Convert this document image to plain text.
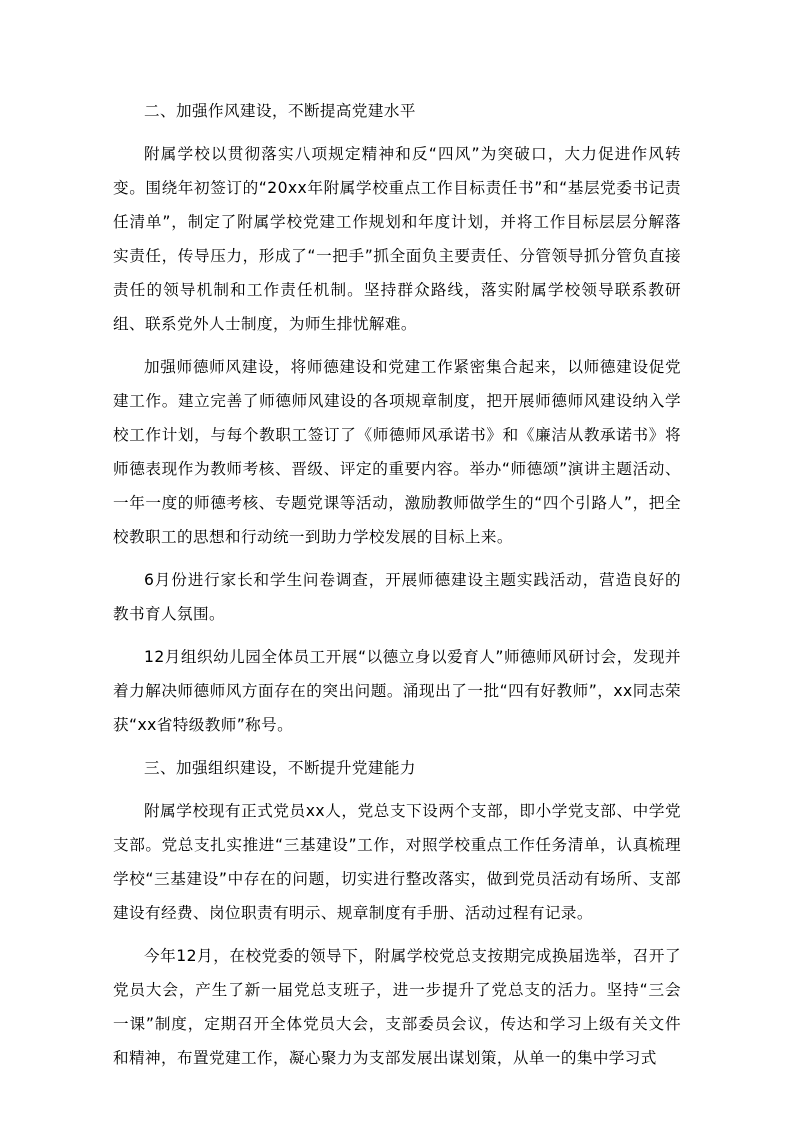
二、加强作风建设，不断提高党建水平

附属学校以贯彻落实八项规定精神和反“四风”为突破口，大力促进作风转变。围绕年初签订的“20xx年附属学校重点工作目标责任书”和“基层党委书记责任清单”，制定了附属学校党建工作规划和年度计划，并将工作目标层层分解落实责任，传导压力，形成了“一把手”抓全面负主要责任、分管领导抓分管负直接责任的领导机制和工作责任机制。坚持群众路线，落实附属学校领导联系教研组、联系党外人士制度，为师生排忧解难。

加强师德师风建设，将师德建设和党建工作紧密集合起来，以师德建设促党建工作。建立完善了师德师风建设的各项规章制度，把开展师德师风建设纳入学校工作计划，与每个教职工签订了《师德师风承诺书》和《廉洁从教承诺书》将师德表现作为教师考核、晋级、评定的重要内容。举办“师德颂”演讲主题活动、一年一度的师德考核、专题党课等活动，激励教师做学生的“四个引路人”，把全校教职工的思想和行动统一到助力学校发展的目标上来。

6月份进行家长和学生问卷调查，开展师德建设主题实践活动，营造良好的教书育人氛围。

12月组织幼儿园全体员工开展“以德立身以爱育人”师德师风研讨会，发现并着力解决师德师风方面存在的突出问题。涌现出了一批“四有好教师”，xx同志荣获“xx省特级教师”称号。

三、加强组织建设，不断提升党建能力

附属学校现有正式党员xx人，党总支下设两个支部，即小学党支部、中学党支部。党总支扎实推进“三基建设”工作，对照学校重点工作任务清单，认真梳理学校“三基建设”中存在的问题，切实进行整改落实，做到党员活动有场所、支部建设有经费、岗位职责有明示、规章制度有手册、活动过程有记录。

今年12月，在校党委的领导下，附属学校党总支按期完成换届选举，召开了党员大会，产生了新一届党总支班子，进一步提升了党总支的活力。坚持“三会一课”制度，定期召开全体党员大会，支部委员会议，传达和学习上级有关文件和精神，布置党建工作，凝心聚力为支部发展出谋划策，从单一的集中学习式
